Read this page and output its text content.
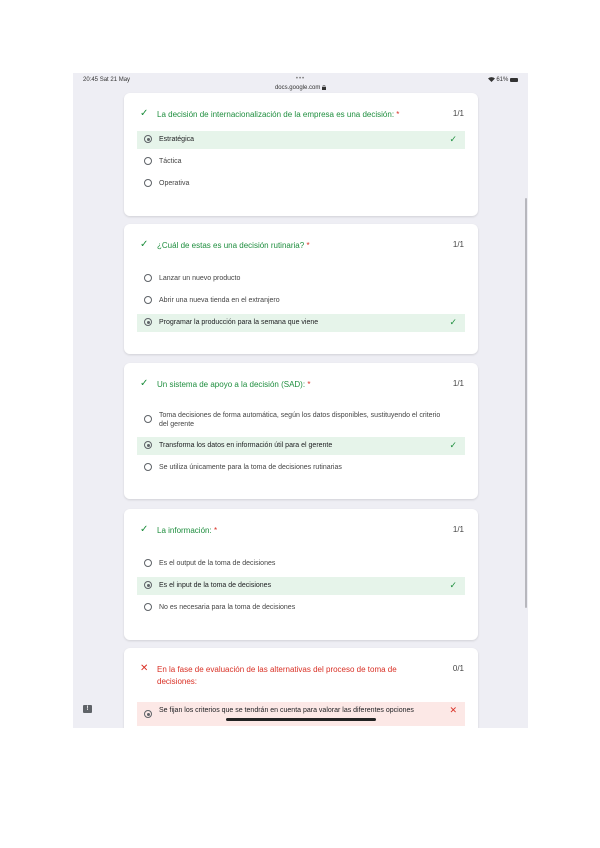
20:45 Sat 21 May	•••
docs.google.com
61%
✓ La decisión de internacionalización de la empresa es una decisión: *	1/1
Estratégica	✓
Táctica
Operativa
✓ ¿Cuál de estas es una decisión rutinaria? *	1/1
Lanzar un nuevo producto
Abrir una nueva tienda en el extranjero
Programar la producción para la semana que viene	✓
✓ Un sistema de apoyo a la decisión (SAD): *	1/1
Toma decisiones de forma automática, según los datos disponibles, sustituyendo el criterio del gerente
Transforma los datos en información útil para el gerente	✓
Se utiliza únicamente para la toma de decisiones rutinarias
✓ La información: *	1/1
Es el output de la toma de decisiones
Es el input de la toma de decisiones	✓
No es necesaria para la toma de decisiones
✕ En la fase de evaluación de las alternativas del proceso de toma de decisiones:
0/1
Se fijan los criterios que se tendrán en cuenta para valorar las diferentes opciones	✕
!
